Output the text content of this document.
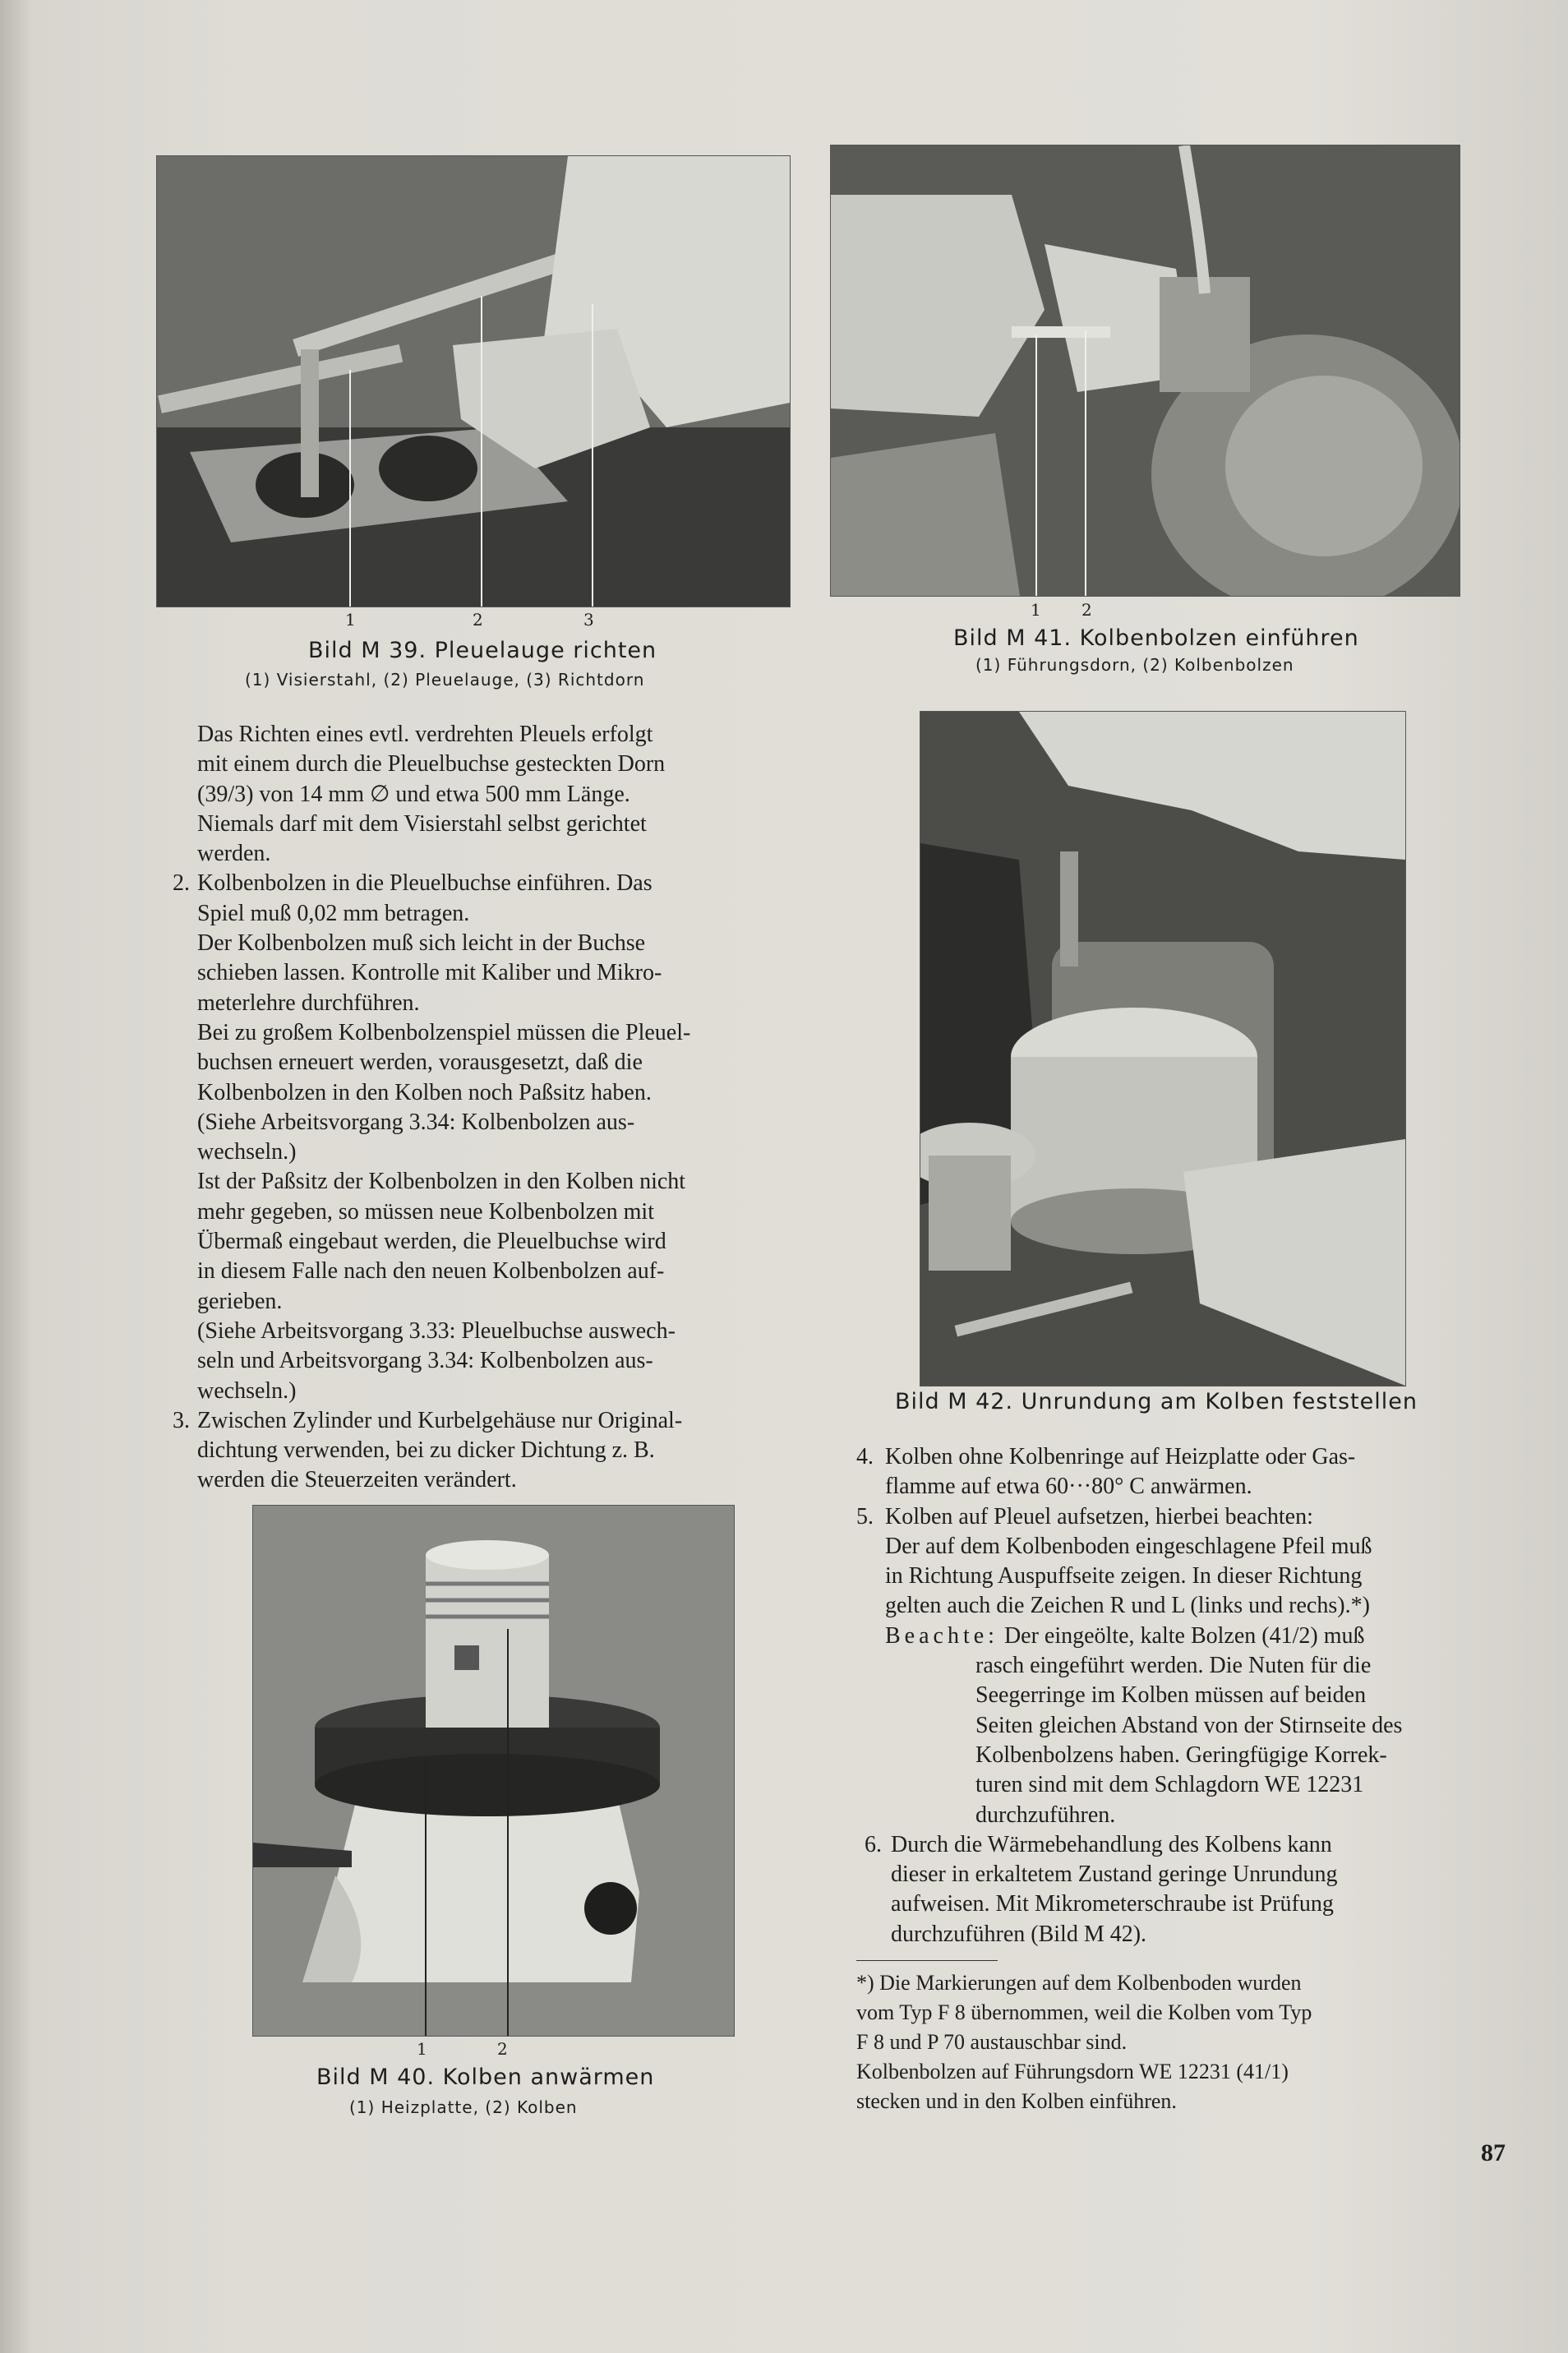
1	2	3
Bild M 39. Pleuelauge richten
(1) Visierstahl, (2) Pleuelauge, (3) Richtdorn
1 2
Bild M 41. Kolbenbolzen einführen
(1) Führungsdorn, (2) Kolbenbolzen
Das Richten eines evtl. verdrehten Pleuels erfolgt
mit einem durch die Pleuelbuchse gesteckten Dorn
(39/3) von 14 mm ∅ und etwa 500 mm Länge.
Niemals darf mit dem Visierstahl selbst gerichtet
werden.
2. Kolbenbolzen in die Pleuelbuchse einführen. Das
Spiel muß 0,02 mm betragen.
Der Kolbenbolzen muß sich leicht in der Buchse
schieben lassen. Kontrolle mit Kaliber und Mikro-
meterlehre durchführen.
Bei zu großem Kolbenbolzenspiel müssen die Pleuel-
buchsen erneuert werden, vorausgesetzt, daß die
Kolbenbolzen in den Kolben noch Paßsitz haben.
(Siehe Arbeitsvorgang 3.34: Kolbenbolzen aus-
wechseln.)
Ist der Paßsitz der Kolbenbolzen in den Kolben nicht
mehr gegeben, so müssen neue Kolbenbolzen mit
Übermaß eingebaut werden, die Pleuelbuchse wird
in diesem Falle nach den neuen Kolbenbolzen auf-
gerieben.
(Siehe Arbeitsvorgang 3.33: Pleuelbuchse auswech-
seln und Arbeitsvorgang 3.34: Kolbenbolzen aus-
wechseln.)
3. Zwischen Zylinder und Kurbelgehäuse nur Original-
dichtung verwenden, bei zu dicker Dichtung z. B.
werden die Steuerzeiten verändert.
Bild M 42. Unrundung am Kolben feststellen
1	2
Bild M 40. Kolben anwärmen
(1) Heizplatte, (2) Kolben
4. Kolben ohne Kolbenringe auf Heizplatte oder Gas-
flamme auf etwa 60···80° C anwärmen.
5. Kolben auf Pleuel aufsetzen, hierbei beachten:
Der auf dem Kolbenboden eingeschlagene Pfeil muß
in Richtung Auspuffseite zeigen. In dieser Richtung
gelten auch die Zeichen R und L (links und rechs).*)
Beachte: Der eingeölte, kalte Bolzen (41/2) muß
rasch eingeführt werden. Die Nuten für die
Seegerringe im Kolben müssen auf beiden
Seiten gleichen Abstand von der Stirnseite des
Kolbenbolzens haben. Geringfügige Korrek-
turen sind mit dem Schlagdorn WE 12231
durchzuführen.
6. Durch die Wärmebehandlung des Kolbens kann
dieser in erkaltetem Zustand geringe Unrundung
aufweisen. Mit Mikrometerschraube ist Prüfung
durchzuführen (Bild M 42).
*) Die Markierungen auf dem Kolbenboden wurden
vom Typ F 8 übernommen, weil die Kolben vom Typ
F 8 und P 70 austauschbar sind.
Kolbenbolzen auf Führungsdorn WE 12231 (41/1)
stecken und in den Kolben einführen.
87
